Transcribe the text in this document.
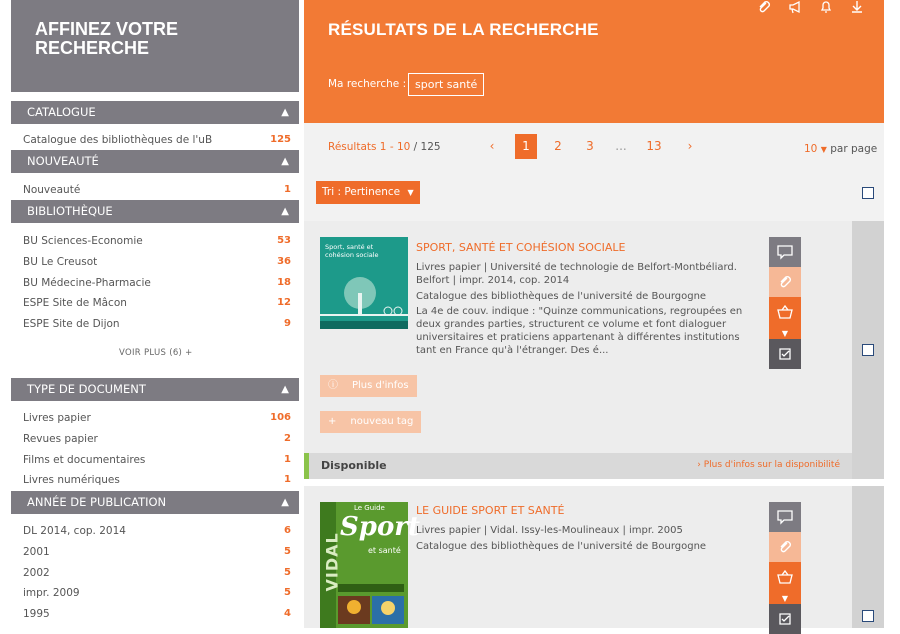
AFFINEZ VOTRE RECHERCHE
CATALOGUE	▲
Catalogue des bibliothèques de l'uB	125
NOUVEAUTÉ	▲
Nouveauté	1
BIBLIOTHÈQUE	▲
BU Sciences-Economie	53
BU Le Creusot	36
BU Médecine-Pharmacie	18
ESPE Site de Mâcon	12
ESPE Site de Dijon	9
VOIR PLUS (6) +
TYPE DE DOCUMENT	▲
Livres papier	106
Revues papier	2
Films et documentaires	1
Livres numériques	1
ANNÉE DE PUBLICATION	▲
DL 2014, cop. 2014	6
2001	5
2002	5
impr. 2009	5
1995	4
RÉSULTATS DE LA RECHERCHE
Ma recherche : sport santé
Résultats 1 - 10 / 125	‹	1	2	3	...	13	›	10 ▼ par page
Tri : Pertinence ▼
Sport, santé et cohésion sociale
SPORT, SANTÉ ET COHÉSION SOCIALE
Livres papier | Université de technologie de Belfort-Montbéliard. Belfort | impr. 2014, cop. 2014
Catalogue des bibliothèques de l'université de Bourgogne
La 4e de couv. indique : "Quinze communications, regroupées en deux grandes parties, structurent ce volume et font dialoguer universitaires et praticiens appartenant à différentes institutions tant en France qu'à l'étranger. Des é...
▼
ⓘ Plus d'infos
+ nouveau tag
Disponible	› Plus d'infos sur la disponibilité
VIDAL
Le Guide
Sport
et santé
LE GUIDE SPORT ET SANTÉ
Livres papier | Vidal. Issy-les-Moulineaux | impr. 2005
Catalogue des bibliothèques de l'université de Bourgogne
▼
